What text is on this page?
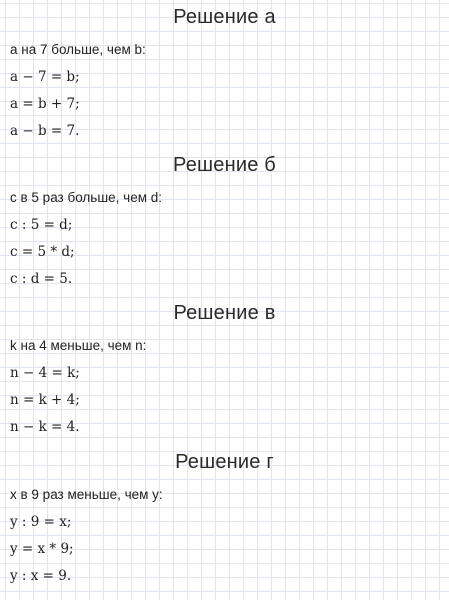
Решение а
a на 7 больше, чем b:
a − 7 = b;
a = b + 7;
a − b = 7.
Решение б
c в 5 раз больше, чем d:
c : 5 = d;
c = 5 * d;
c : d = 5.
Решение в
k на 4 меньше, чем n:
n − 4 = k;
n = k + 4;
n − k = 4.
Решение г
x в 9 раз меньше, чем y:
y : 9 = x;
y = x * 9;
y : x = 9.
